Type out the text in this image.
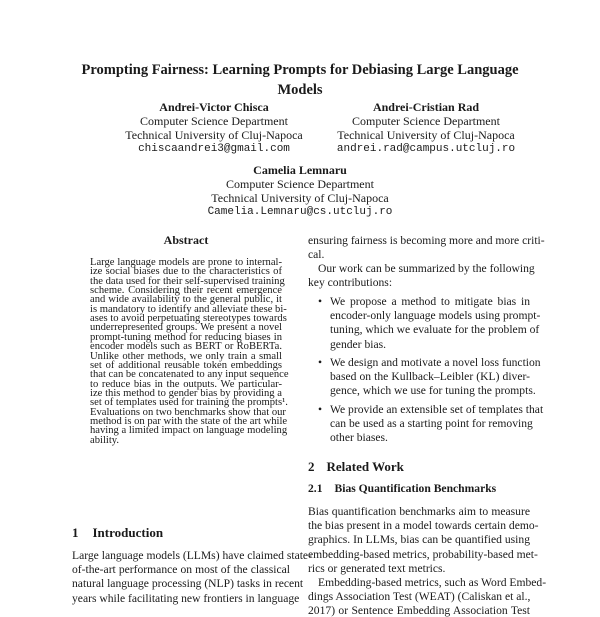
Prompting Fairness: Learning Prompts for Debiasing Large Language
Models
Andrei-Victor Chisca
Computer Science Department
Technical University of Cluj-Napoca
chiscaandrei3@gmail.com
Andrei-Cristian Rad
Computer Science Department
Technical University of Cluj-Napoca
andrei.rad@campus.utcluj.ro
Camelia Lemnaru
Computer Science Department
Technical University of Cluj-Napoca
Camelia.Lemnaru@cs.utcluj.ro
Abstract
Large language models are prone to internal-
ize social biases due to the characteristics of
the data used for their self-supervised training
scheme. Considering their recent emergence
and wide availability to the general public, it
is mandatory to identify and alleviate these bi-
ases to avoid perpetuating stereotypes towards
underrepresented groups. We present a novel
prompt-tuning method for reducing biases in
encoder models such as BERT or RoBERTa.
Unlike other methods, we only train a small
set of additional reusable token embeddings
that can be concatenated to any input sequence
to reduce bias in the outputs. We particular-
ize this method to gender bias by providing a
set of templates used for training the prompts¹.
Evaluations on two benchmarks show that our
method is on par with the state of the art while
having a limited impact on language modeling
ability.
1 Introduction
Large language models (LLMs) have claimed state-
of-the-art performance on most of the classical
natural language processing (NLP) tasks in recent
years while facilitating new frontiers in language
ensuring fairness is becoming more and more criti-
cal.
Our work can be summarized by the following
key contributions:
• We propose a method to mitigate bias in
encoder-only language models using prompt-
tuning, which we evaluate for the problem of
gender bias.
• We design and motivate a novel loss function
based on the Kullback–Leibler (KL) diver-
gence, which we use for tuning the prompts.
• We provide an extensible set of templates that
can be used as a starting point for removing
other biases.
2 Related Work
2.1 Bias Quantification Benchmarks
Bias quantification benchmarks aim to measure
the bias present in a model towards certain demo-
graphics. In LLMs, bias can be quantified using
embedding-based metrics, probability-based met-
rics or generated text metrics.
Embedding-based metrics, such as Word Embed-
dings Association Test (WEAT) (Caliskan et al.,
2017) or Sentence Embedding Association Test
